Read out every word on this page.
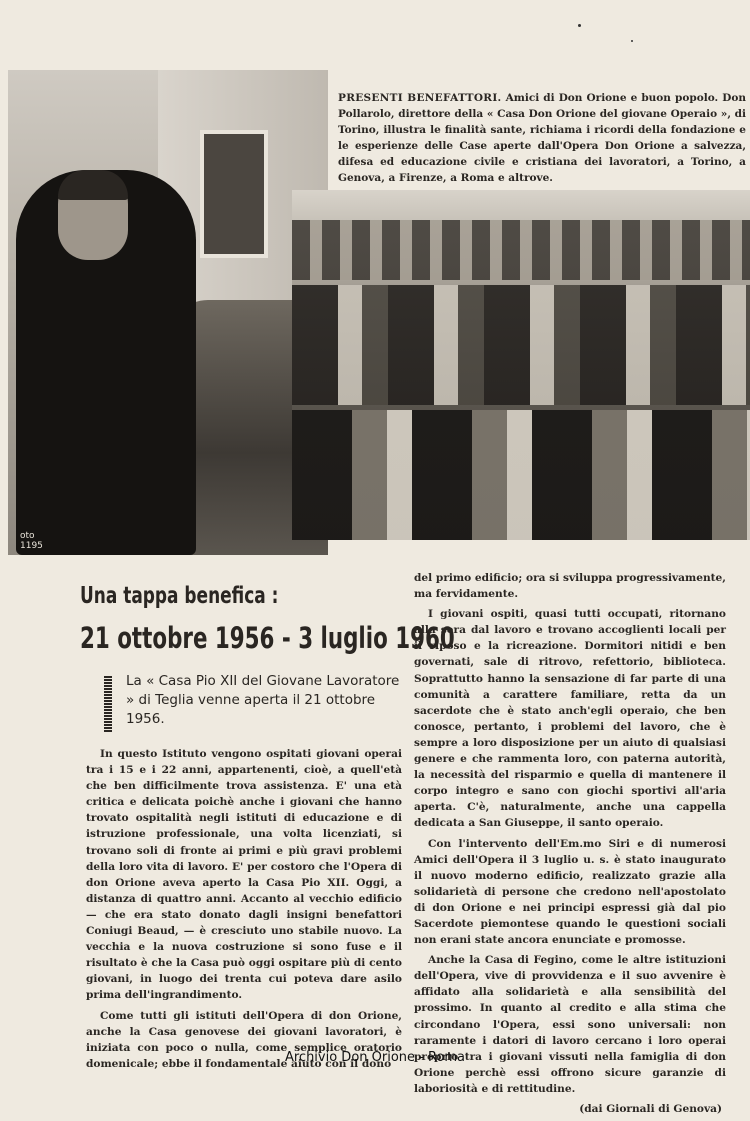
oto
1195
PRESENTI BENEFATTORI. Amici di Don Orione e buon popolo. Don Pollarolo, direttore della « Casa Don Orione del giovane Operaio », di Torino, illustra le finalità sante, richiama i ricordi della fondazione e le esperienze delle Case aperte dall'Opera Don Orione a salvezza, difesa ed educazione civile e cristiana dei lavoratori, a Torino, a Genova, a Firenze, a Roma e altrove.
Una tappa benefica :
21 ottobre 1956 - 3 luglio 1960
La « Casa Pio XII del Giovane Lavoratore » di Teglia venne aperta il 21 ottobre 1956.

In questo Istituto vengono ospitati giovani operai tra i 15 e i 22 anni, appartenenti, cioè, a quell'età che ben difficilmente trova assistenza. E' una età critica e delicata poichè anche i giovani che hanno trovato ospitalità negli istituti di educazione e di istruzione professionale, una volta licenziati, si trovano soli di fronte ai primi e più gravi problemi della loro vita di lavoro. E' per costoro che l'Opera di don Orione aveva aperto la Casa Pio XII. Oggi, a distanza di quattro anni. Accanto al vecchio edificio — che era stato donato dagli insigni benefattori Coniugi Beaud, — è cresciuto uno stabile nuovo. La vecchia e la nuova costruzione si sono fuse e il risultato è che la Casa può oggi ospitare più di cento giovani, in luogo dei trenta cui poteva dare asilo prima dell'ingrandimento.

Come tutti gli istituti dell'Opera di don Orione, anche la Casa genovese dei giovani lavoratori, è iniziata con poco o nulla, come semplice oratorio domenicale; ebbe il fondamentale aiuto con il dono

del primo edificio; ora si sviluppa progressivamente, ma fervidamente.

I giovani ospiti, quasi tutti occupati, ritornano alla sera dal lavoro e trovano accoglienti locali per il riposo e la ricreazione. Dormitori nitidi e ben governati, sale di ritrovo, refettorio, biblioteca. Soprattutto hanno la sensazione di far parte di una comunità a carattere familiare, retta da un sacerdote che è stato anch'egli operaio, che ben conosce, pertanto, i problemi del lavoro, che è sempre a loro disposizione per un aiuto di qualsiasi genere e che rammenta loro, con paterna autorità, la necessità del risparmio e quella di mantenere il corpo integro e sano con giochi sportivi all'aria aperta. C'è, naturalmente, anche una cappella dedicata a San Giuseppe, il santo operaio.

Con l'intervento dell'Em.mo Siri e di numerosi Amici dell'Opera il 3 luglio u. s. è stato inaugurato il nuovo moderno edificio, realizzato grazie alla solidarietà di persone che credono nell'apostolato di don Orione e nei principi espressi già dal pio Sacerdote piemontese quando le questioni sociali non erani state ancora enunciate e promosse.

Anche la Casa di Fegino, come le altre istituzioni dell'Opera, vive di provvidenza e il suo avvenire è affidato alla solidarietà e alla sensibilità del prossimo. In quanto al credito e alla stima che circondano l'Opera, essi sono universali: non raramente i datori di lavoro cercano i loro operai proprio tra i giovani vissuti nella famiglia di don Orione perchè essi offrono sicure garanzie di laboriosità e di rettitudine.

(dai Giornali di Genova)

Archivio Don Orione - Roma
